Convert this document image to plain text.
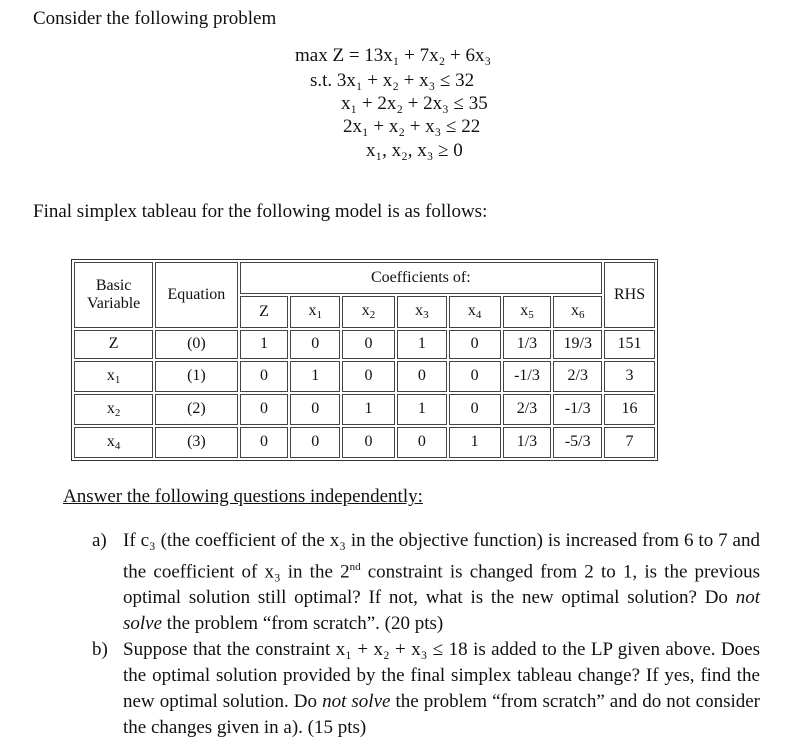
Consider the following problem
max Z = 13x₁ + 7x₂ + 6x₃
s.t. 3x₁ + x₂ + x₃ ≤ 32
x₁ + 2x₂ + 2x₃ ≤ 35
2x₁ + x₂ + x₃ ≤ 22
x₁, x₂, x₃ ≥ 0
Final simplex tableau for the following model is as follows:
Basic
Variable	Equation	Coefficients of:							RHS
		Z	$x_1$	$x_2$	$x_3$	$x_4$	$x_5$	$x_6$
Z	(0)	1	0	0	1	0	1/3	19/3	151
$x_1$	(1)	0	1	0	0	0	-1/3	2/3	3
$x_2$	(2)	0	0	1	1	0	2/3	-1/3	16
$x_4$	(3)	0	0	0	0	1	1/3	-5/3	7
Answer the following questions independently:
a) If c₃ (the coefficient of the x₃ in the objective function) is increased from 6 to 7 and the coefficient of x₃ in the 2nd constraint is changed from 2 to 1, is the previous optimal solution still optimal? If not, what is the new optimal solution? Do not solve the problem “from scratch”. (20 pts)
b) Suppose that the constraint x₁ + x₂ + x₃ ≤ 18 is added to the LP given above. Does the optimal solution provided by the final simplex tableau change? If yes, find the new optimal solution. Do not solve the problem “from scratch” and do not consider the changes given in a). (15 pts)
